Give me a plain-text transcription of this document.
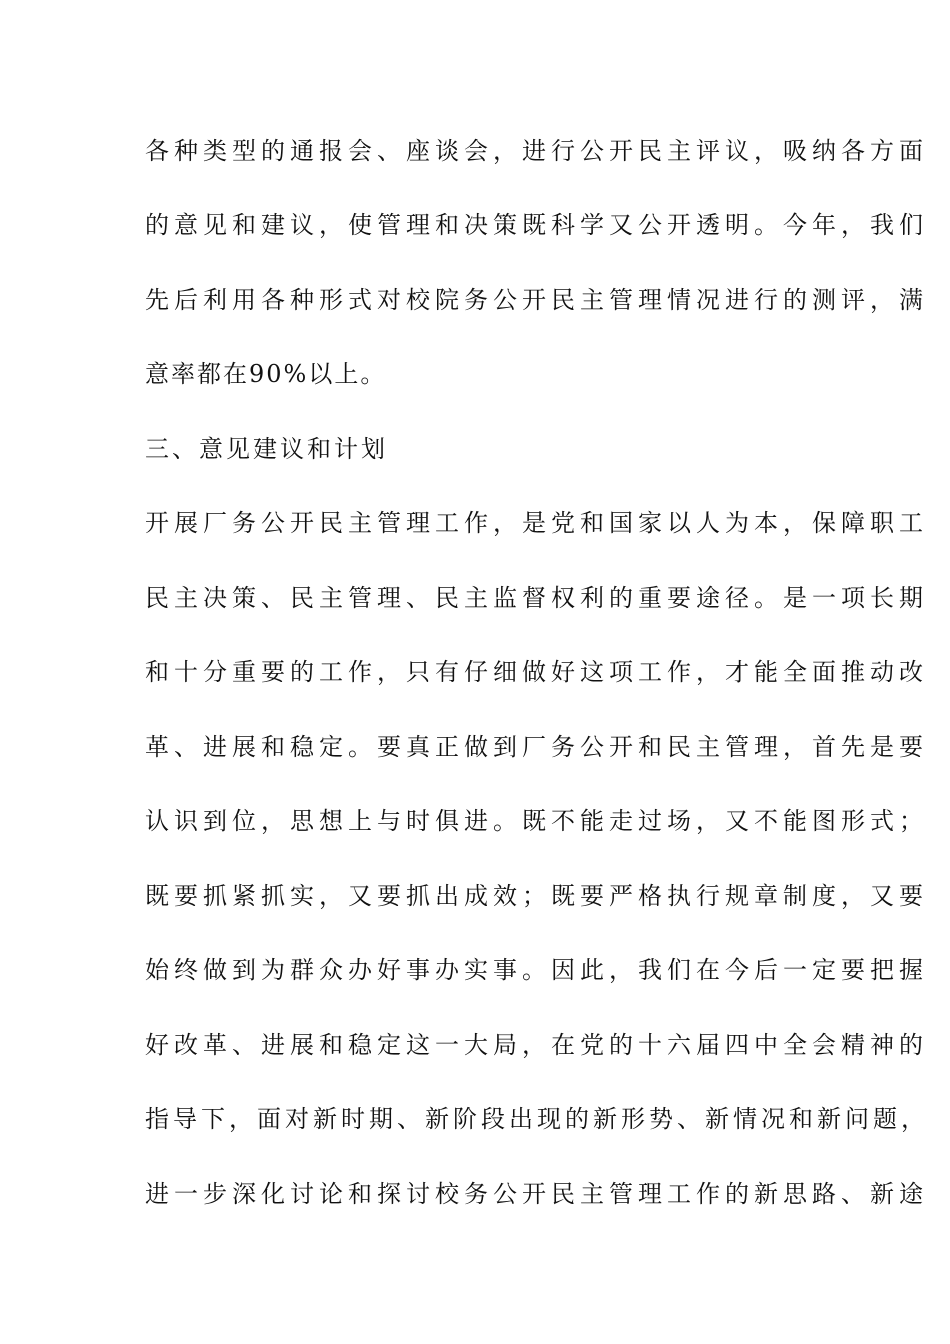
各种类型的通报会、座谈会，进行公开民主评议，吸纳各方面
的意见和建议，使管理和决策既科学又公开透明。今年，我们
先后利用各种形式对校院务公开民主管理情况进行的测评，满
意率都在90%以上。
三、意见建议和计划
开展厂务公开民主管理工作，是党和国家以人为本，保障职工
民主决策、民主管理、民主监督权利的重要途径。是一项长期
和十分重要的工作，只有仔细做好这项工作，才能全面推动改
革、进展和稳定。要真正做到厂务公开和民主管理，首先是要
认识到位，思想上与时俱进。既不能走过场，又不能图形式；
既要抓紧抓实，又要抓出成效；既要严格执行规章制度，又要
始终做到为群众办好事办实事。因此，我们在今后一定要把握
好改革、进展和稳定这一大局，在党的十六届四中全会精神的
指导下，面对新时期、新阶段出现的新形势、新情况和新问题，
进一步深化讨论和探讨校务公开民主管理工作的新思路、新途
